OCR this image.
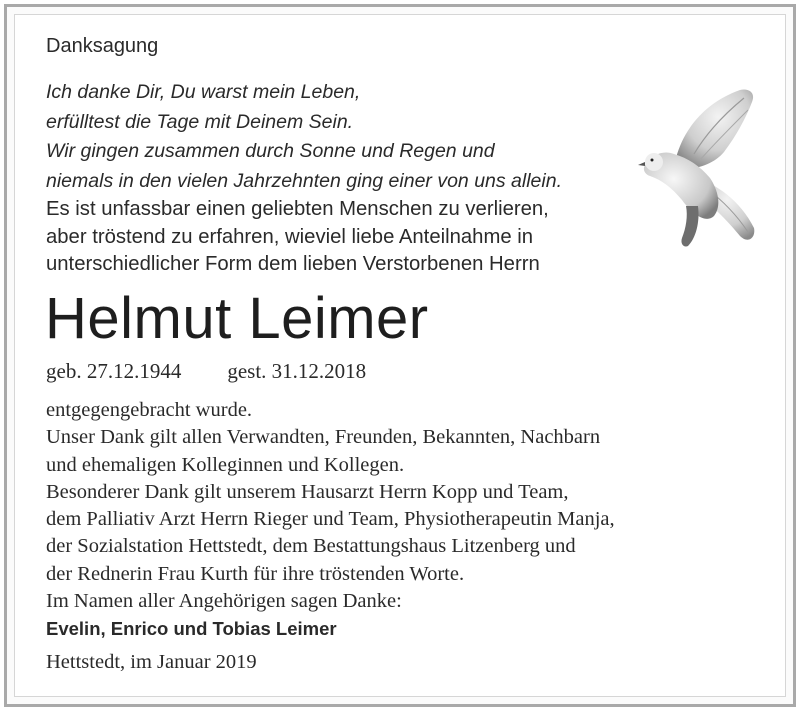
Danksagung

Ich danke Dir, Du warst mein Leben,
erfülltest die Tage mit Deinem Sein.
Wir gingen zusammen durch Sonne und Regen und
niemals in den vielen Jahrzehnten ging einer von uns allein.

Es ist unfassbar einen geliebten Menschen zu verlieren,
aber tröstend zu erfahren, wieviel liebe Anteilnahme in
unterschiedlicher Form dem lieben Verstorbenen Herrn

Helmut Leimer

geb. 27.12.1944 gest. 31.12.2018

entgegengebracht wurde.
Unser Dank gilt allen Verwandten, Freunden, Bekannten, Nachbarn
und ehemaligen Kolleginnen und Kollegen.
Besonderer Dank gilt unserem Hausarzt Herrn Kopp und Team,
dem Palliativ Arzt Herrn Rieger und Team, Physiotherapeutin Manja,
der Sozialstation Hettstedt, dem Bestattungshaus Litzenberg und
der Rednerin Frau Kurth für ihre tröstenden Worte.

Im Namen aller Angehörigen sagen Danke:

Evelin, Enrico und Tobias Leimer

Hettstedt, im Januar 2019
